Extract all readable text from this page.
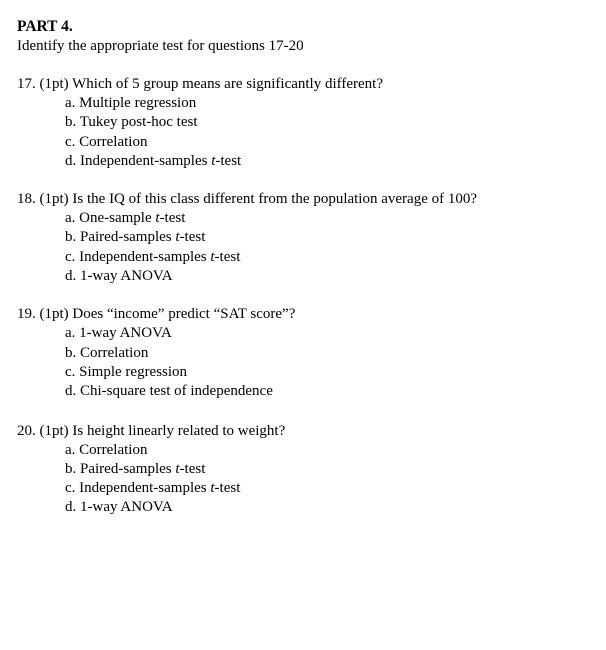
PART 4.

Identify the appropriate test for questions 17-20

17. (1pt) Which of 5 group means are significantly different?

a. Multiple regression
b. Tukey post-hoc test
c. Correlation
d. Independent-samples t-test

18. (1pt) Is the IQ of this class different from the population average of 100?

a. One-sample t-test
b. Paired-samples t-test
c. Independent-samples t-test
d. 1-way ANOVA

19. (1pt) Does “income” predict “SAT score”?

a. 1-way ANOVA
b. Correlation
c. Simple regression
d. Chi-square test of independence

20. (1pt) Is height linearly related to weight?

a. Correlation
b. Paired-samples t-test
c. Independent-samples t-test
d. 1-way ANOVA
